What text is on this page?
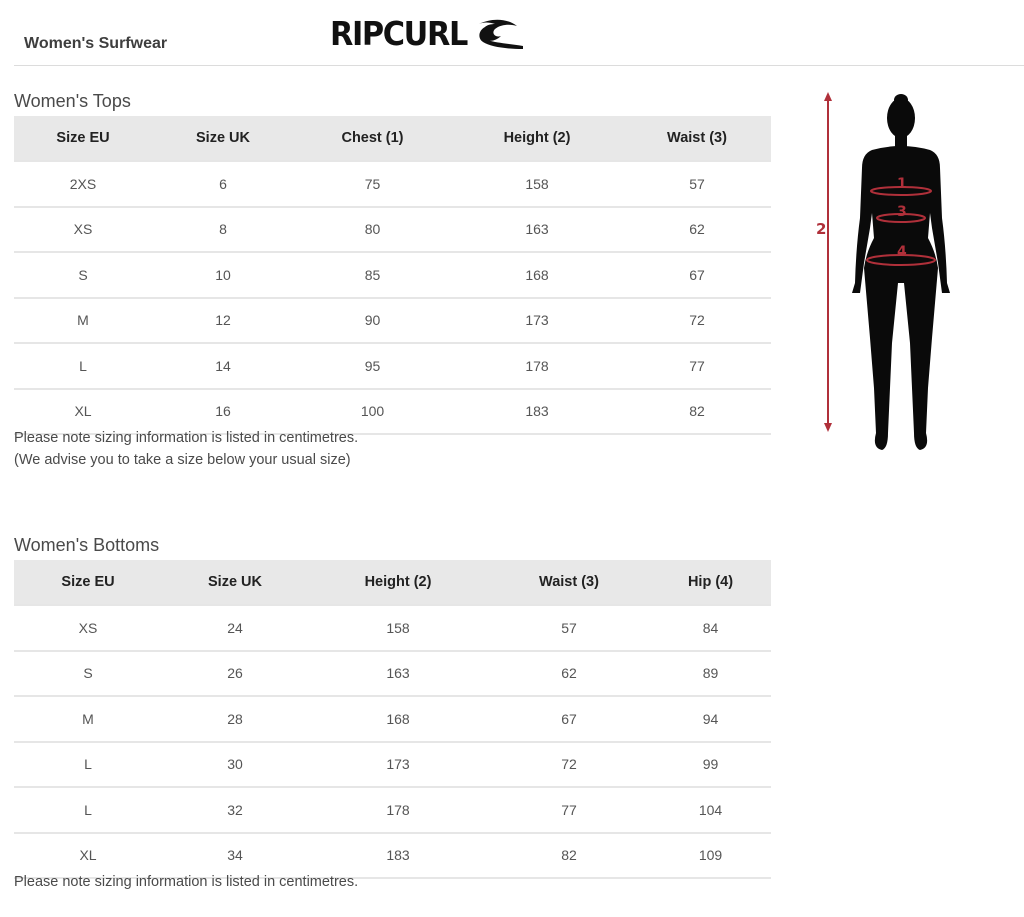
Women's Surfwear	RIPCURL
Women's Tops
Size EU	Size UK	Chest (1)	Height (2)	Waist (3)
2XS	6	75	158	57
XS	8	80	163	62
S	10	85	168	67
M	12	90	173	72
L	14	95	178	77
XL	16	100	183	82
Please note sizing information is listed in centimetres.
(We advise you to take a size below your usual size)
Women's Bottoms
Size EU	Size UK	Height (2)	Waist (3)	Hip (4)
XS	24	158	57	84
S	26	163	62	89
M	28	168	67	94
L	30	173	72	99
L	32	178	77	104
XL	34	183	82	109
Please note sizing information is listed in centimetres.
2
1
3
4
